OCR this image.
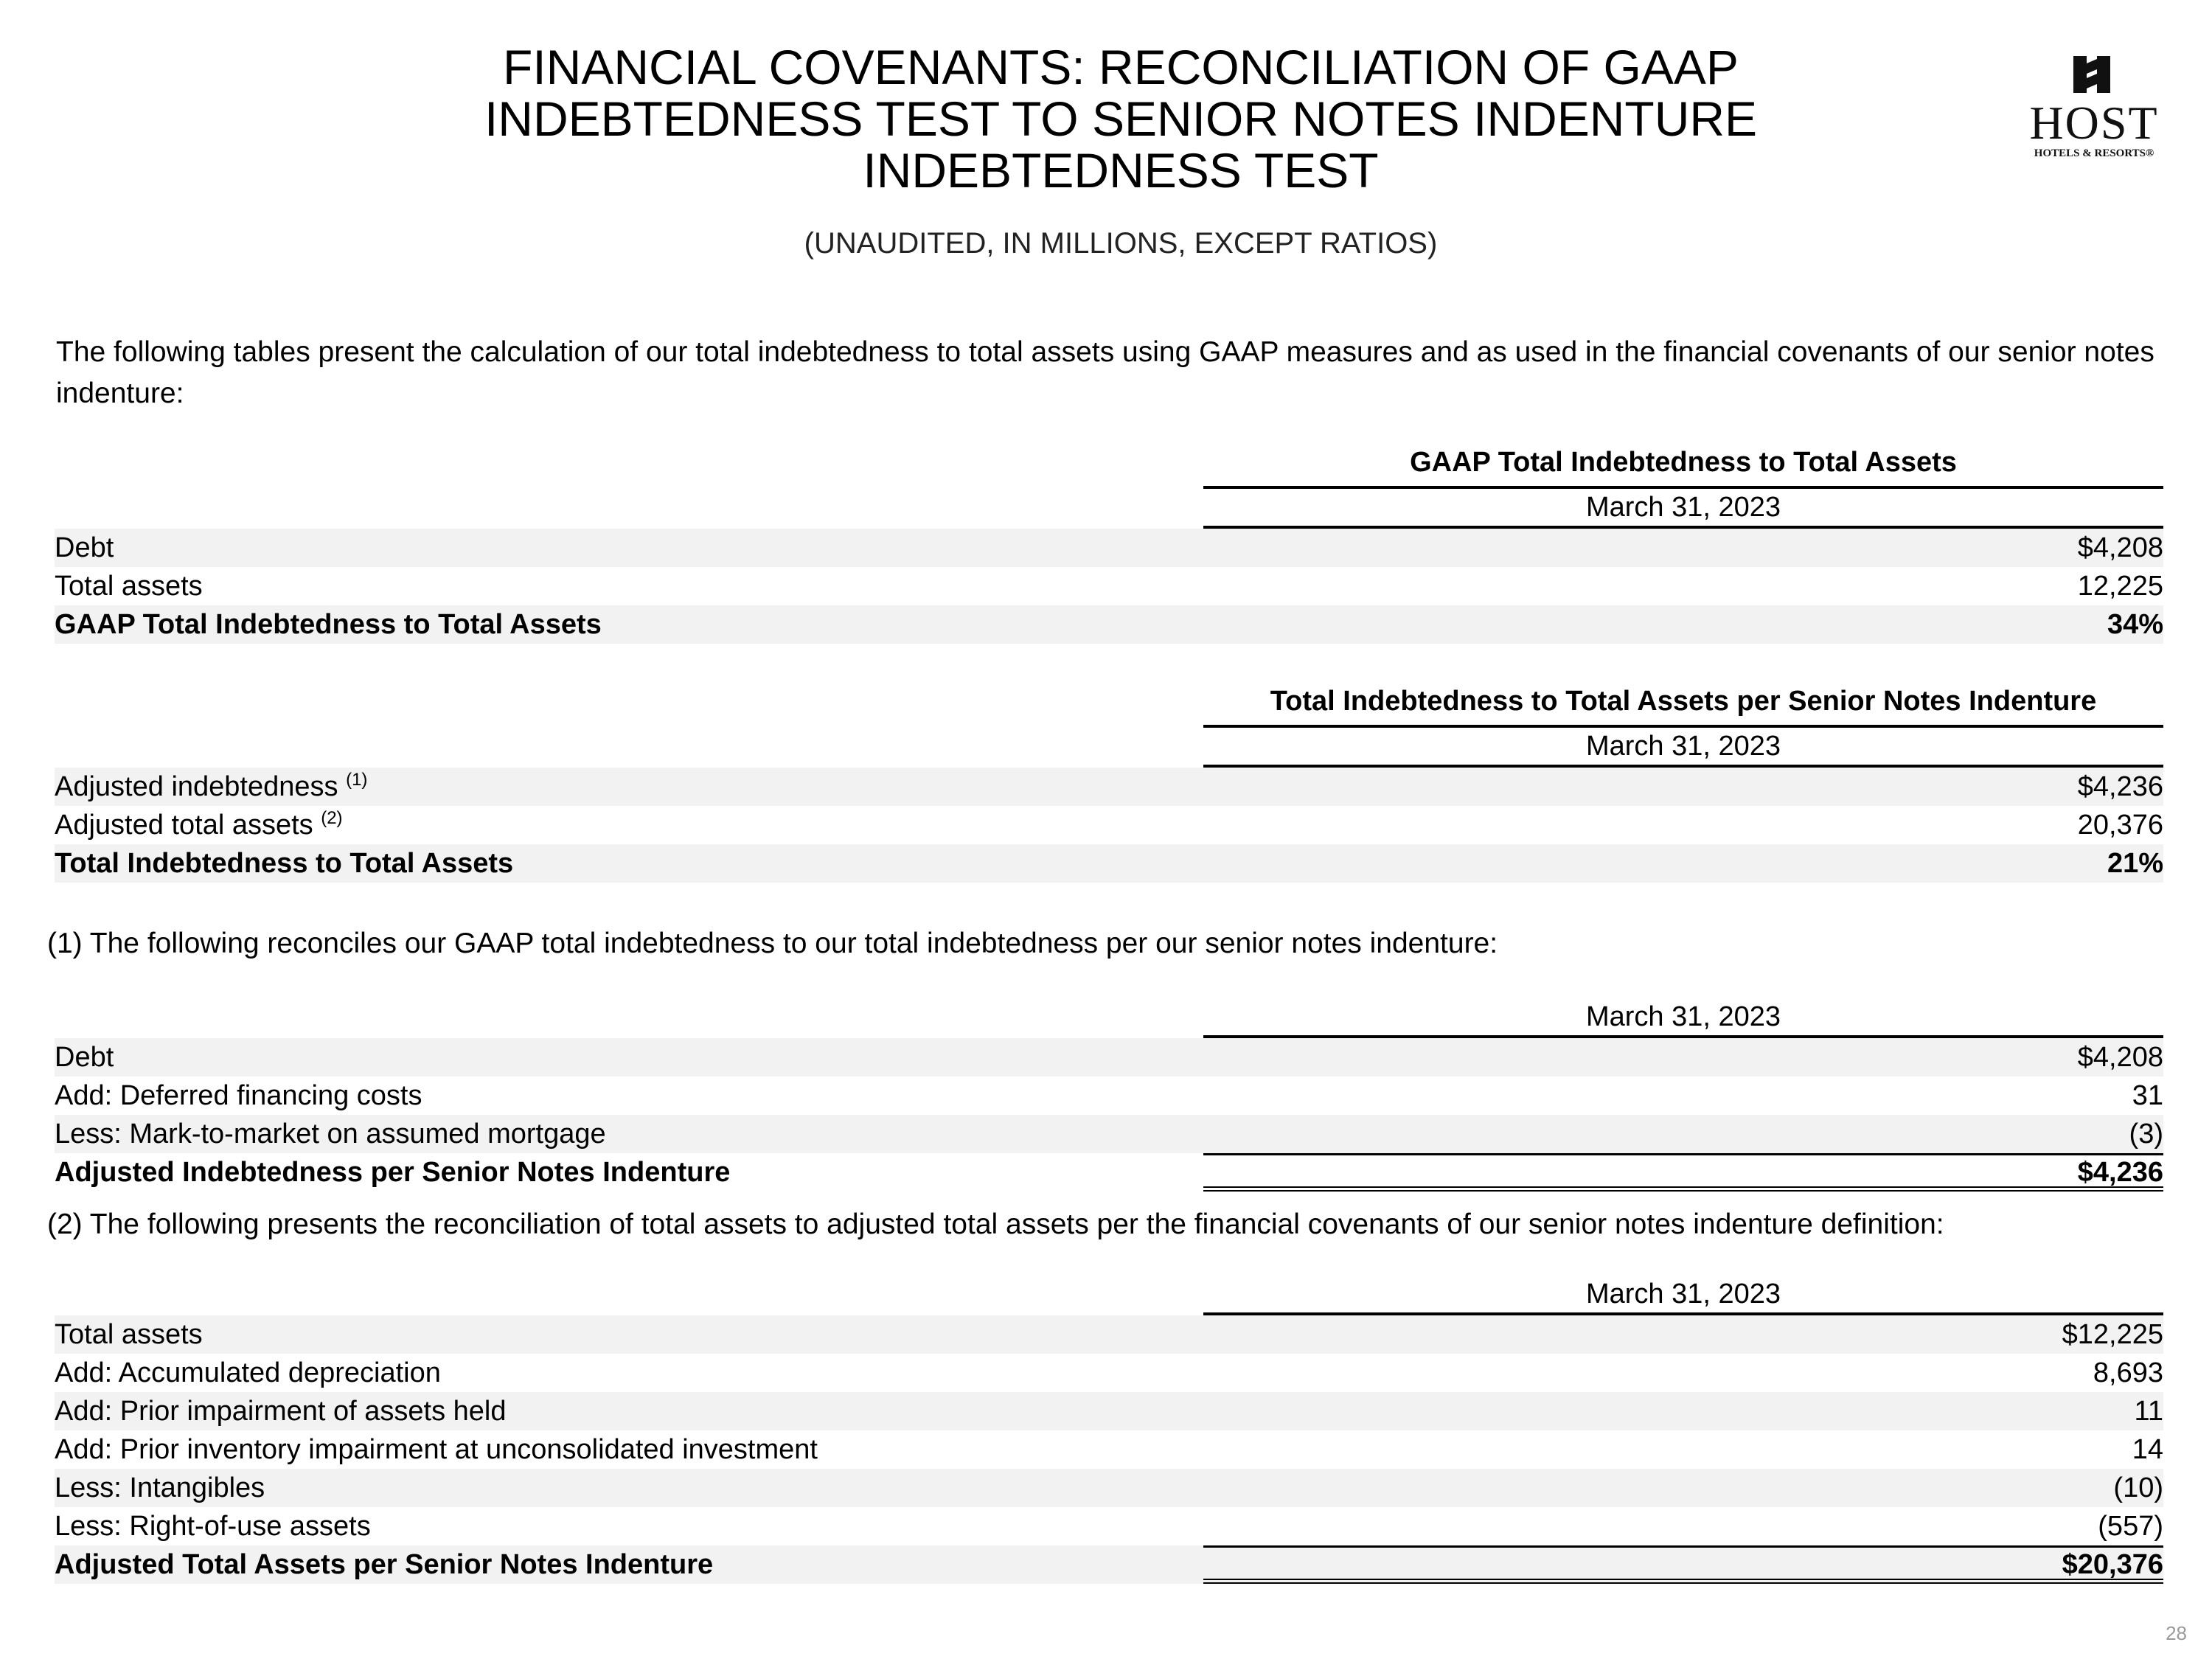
FINANCIAL COVENANTS: RECONCILIATION OF GAAP
INDEBTEDNESS TEST TO SENIOR NOTES INDENTURE
INDEBTEDNESS TEST
(UNAUDITED, IN MILLIONS, EXCEPT RATIOS)
HOST
HOTELS & RESORTS®
The following tables present the calculation of our total indebtedness to total assets using GAAP measures and as used in the financial covenants of our senior notes indenture:
GAAP Total Indebtedness to Total Assets
March 31, 2023
Debt	$4,208
Total assets	12,225
GAAP Total Indebtedness to Total Assets	34%
Total Indebtedness to Total Assets per Senior Notes Indenture
March 31, 2023
Adjusted indebtedness $^{(1)}$	$4,236
Adjusted total assets $^{(2)}$	20,376
Total Indebtedness to Total Assets	21%
(1) The following reconciles our GAAP total indebtedness to our total indebtedness per our senior notes indenture:
March 31, 2023
Debt	$4,208
Add: Deferred financing costs	31
Less: Mark-to-market on assumed mortgage	(3)
Adjusted Indebtedness per Senior Notes Indenture	$4,236
(2) The following presents the reconciliation of total assets to adjusted total assets per the financial covenants of our senior notes indenture definition:
March 31, 2023
Total assets	$12,225
Add: Accumulated depreciation	8,693
Add: Prior impairment of assets held	11
Add: Prior inventory impairment at unconsolidated investment	14
Less: Intangibles	(10)
Less: Right-of-use assets	(557)
Adjusted Total Assets per Senior Notes Indenture	$20,376
28
